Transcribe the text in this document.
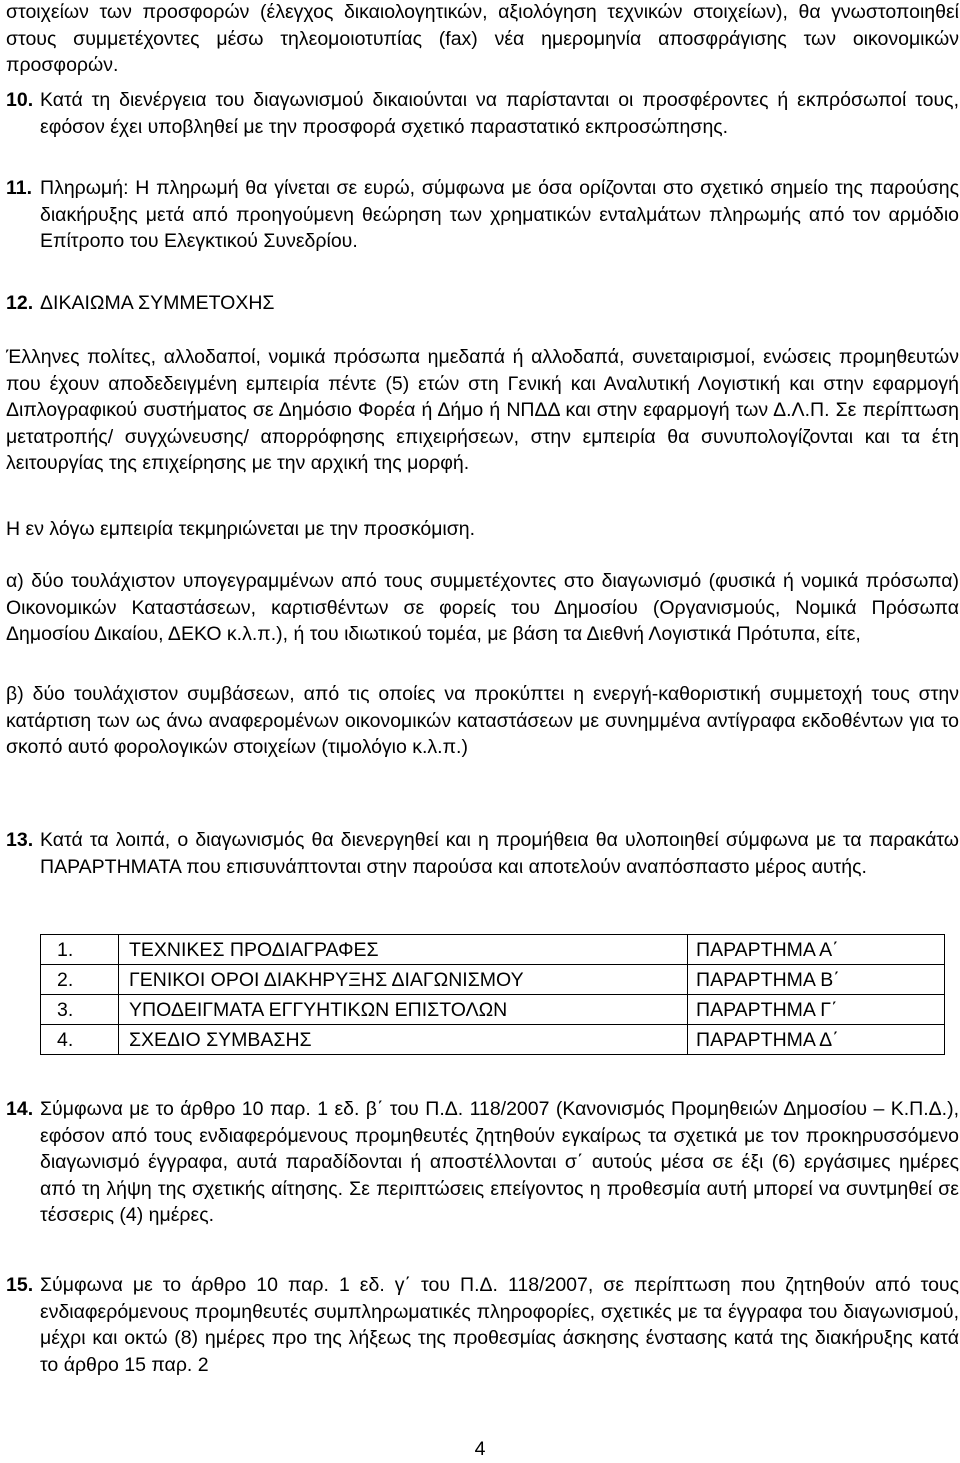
στοιχείων των προσφορών (έλεγχος δικαιολογητικών, αξιολόγηση τεχνικών στοιχείων), θα γνωστοποιηθεί στους συμμετέχοντες μέσω τηλεομοιοτυπίας (fax) νέα ημερομηνία αποσφράγισης των οικονομικών προσφορών.
10. Κατά τη διενέργεια του διαγωνισμού δικαιούνται να παρίστανται οι προσφέροντες ή εκπρόσωποί τους, εφόσον έχει υποβληθεί με την προσφορά σχετικό παραστατικό εκπροσώπησης.
11. Πληρωμή: Η πληρωμή θα γίνεται σε ευρώ, σύμφωνα με όσα ορίζονται στο σχετικό σημείο της παρούσης διακήρυξης μετά από προηγούμενη θεώρηση των χρηματικών ενταλμάτων πληρωμής από τον αρμόδιο Επίτροπο του Ελεγκτικού Συνεδρίου.
12. ΔΙΚΑΙΩΜΑ ΣΥΜΜΕΤΟΧΗΣ
Έλληνες πολίτες, αλλοδαποί, νομικά πρόσωπα ημεδαπά ή αλλοδαπά, συνεταιρισμοί, ενώσεις προμηθευτών που έχουν αποδεδειγμένη εμπειρία πέντε (5) ετών στη Γενική και Αναλυτική Λογιστική και στην εφαρμογή Διπλογραφικού συστήματος σε Δημόσιο Φορέα ή Δήμο ή ΝΠΔΔ και στην εφαρμογή των Δ.Λ.Π. Σε περίπτωση μετατροπής/ συγχώνευσης/ απορρόφησης επιχειρήσεων, στην εμπειρία θα συνυπολογίζονται και τα έτη λειτουργίας της επιχείρησης με την αρχική της μορφή.
Η εν λόγω εμπειρία τεκμηριώνεται με την προσκόμιση.
α) δύο τουλάχιστον υπογεγραμμένων από τους συμμετέχοντες στο διαγωνισμό (φυσικά ή νομικά πρόσωπα) Οικονομικών Καταστάσεων, καρτισθέντων σε φορείς του Δημοσίου (Οργανισμούς, Νομικά Πρόσωπα Δημοσίου Δικαίου, ΔΕΚΟ κ.λ.π.), ή του ιδιωτικού τομέα, με βάση τα Διεθνή Λογιστικά Πρότυπα, είτε,
β) δύο τουλάχιστον συμβάσεων, από τις οποίες να προκύπτει η ενεργή-καθοριστική συμμετοχή τους στην κατάρτιση των ως άνω αναφερομένων οικονομικών καταστάσεων με συνημμένα αντίγραφα εκδοθέντων για το σκοπό αυτό φορολογικών στοιχείων (τιμολόγιο κ.λ.π.)
13. Κατά τα λοιπά, ο διαγωνισμός θα διενεργηθεί και η προμήθεια θα υλοποιηθεί σύμφωνα με τα παρακάτω ΠΑΡΑΡΤΗΜΑΤΑ που επισυνάπτονται στην παρούσα και αποτελούν αναπόσπαστο μέρος αυτής.
1.	ΤΕΧΝΙΚΕΣ ΠΡΟΔΙΑΓΡΑΦΕΣ	ΠΑΡΑΡΤΗΜΑ Α΄
2.	ΓΕΝΙΚΟΙ ΟΡΟΙ ΔΙΑΚΗΡΥΞΗΣ ΔΙΑΓΩΝΙΣΜΟΥ	ΠΑΡΑΡΤΗΜΑ Β΄
3.	ΥΠΟΔΕΙΓΜΑΤΑ ΕΓΓΥΗΤΙΚΩΝ ΕΠΙΣΤΟΛΩΝ	ΠΑΡΑΡΤΗΜΑ Γ΄
4.	ΣΧΕΔΙΟ ΣΥΜΒΑΣΗΣ	ΠΑΡΑΡΤΗΜΑ Δ΄
14. Σύμφωνα με το άρθρο 10 παρ. 1 εδ. β΄ του Π.Δ. 118/2007 (Κανονισμός Προμηθειών Δημοσίου – Κ.Π.Δ.), εφόσον από τους ενδιαφερόμενους προμηθευτές ζητηθούν εγκαίρως τα σχετικά με τον προκηρυσσόμενο διαγωνισμό έγγραφα, αυτά παραδίδονται ή αποστέλλονται σ΄ αυτούς μέσα σε έξι (6) εργάσιμες ημέρες από τη λήψη της σχετικής αίτησης. Σε περιπτώσεις επείγοντος η προθεσμία αυτή μπορεί να συντμηθεί σε τέσσερις (4) ημέρες.
15. Σύμφωνα με το άρθρο 10 παρ. 1 εδ. γ΄ του Π.Δ. 118/2007, σε περίπτωση που ζητηθούν από τους ενδιαφερόμενους προμηθευτές συμπληρωματικές πληροφορίες, σχετικές με τα έγγραφα του διαγωνισμού, μέχρι και οκτώ (8) ημέρες προ της λήξεως της προθεσμίας άσκησης ένστασης κατά της διακήρυξης κατά το άρθρο 15 παρ. 2
4
